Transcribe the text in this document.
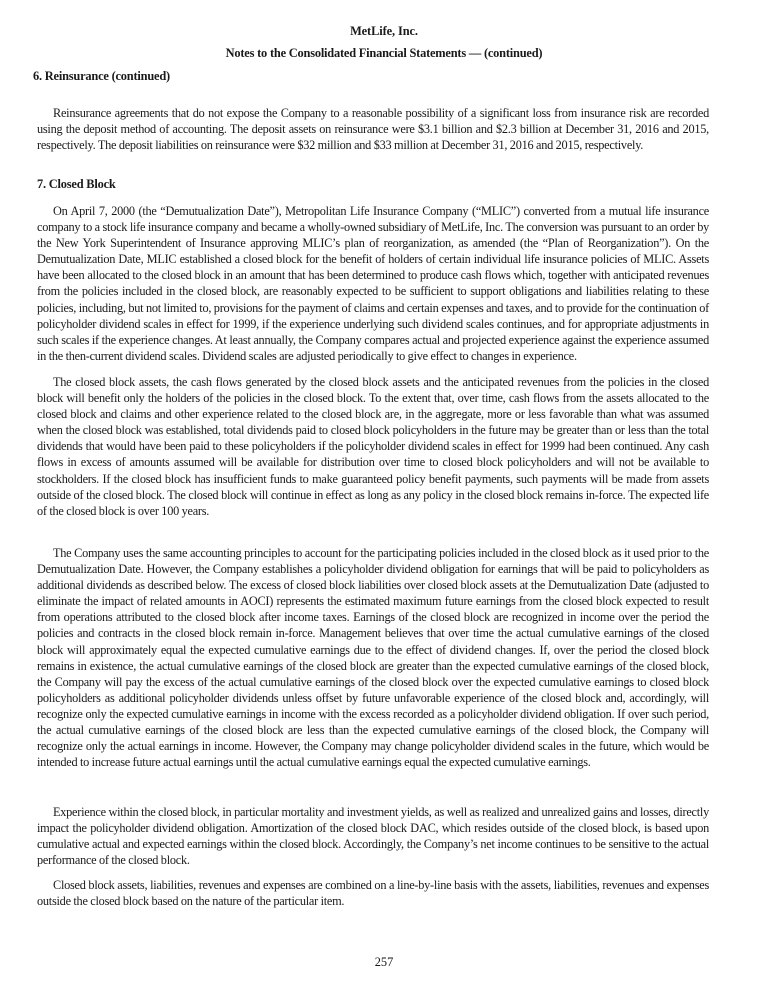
MetLife, Inc.
Notes to the Consolidated Financial Statements — (continued)
6. Reinsurance (continued)

Reinsurance agreements that do not expose the Company to a reasonable possibility of a significant loss from insurance risk are recorded using the deposit method of accounting. The deposit assets on reinsurance were $3.1 billion and $2.3 billion at December 31, 2016 and 2015, respectively. The deposit liabilities on reinsurance were $32 million and $33 million at December 31, 2016 and 2015, respectively.

7. Closed Block

On April 7, 2000 (the “Demutualization Date”), Metropolitan Life Insurance Company (“MLIC”) converted from a mutual life insurance company to a stock life insurance company and became a wholly-owned subsidiary of MetLife, Inc. The conversion was pursuant to an order by the New York Superintendent of Insurance approving MLIC’s plan of reorganization, as amended (the “Plan of Reorganization”). On the Demutualization Date, MLIC established a closed block for the benefit of holders of certain individual life insurance policies of MLIC. Assets have been allocated to the closed block in an amount that has been determined to produce cash flows which, together with anticipated revenues from the policies included in the closed block, are reasonably expected to be sufficient to support obligations and liabilities relating to these policies, including, but not limited to, provisions for the payment of claims and certain expenses and taxes, and to provide for the continuation of policyholder dividend scales in effect for 1999, if the experience underlying such dividend scales continues, and for appropriate adjustments in such scales if the experience changes. At least annually, the Company compares actual and projected experience against the experience assumed in the then-current dividend scales. Dividend scales are adjusted periodically to give effect to changes in experience.

The closed block assets, the cash flows generated by the closed block assets and the anticipated revenues from the policies in the closed block will benefit only the holders of the policies in the closed block. To the extent that, over time, cash flows from the assets allocated to the closed block and claims and other experience related to the closed block are, in the aggregate, more or less favorable than what was assumed when the closed block was established, total dividends paid to closed block policyholders in the future may be greater than or less than the total dividends that would have been paid to these policyholders if the policyholder dividend scales in effect for 1999 had been continued. Any cash flows in excess of amounts assumed will be available for distribution over time to closed block policyholders and will not be available to stockholders. If the closed block has insufficient funds to make guaranteed policy benefit payments, such payments will be made from assets outside of the closed block. The closed block will continue in effect as long as any policy in the closed block remains in-force. The expected life of the closed block is over 100 years.

The Company uses the same accounting principles to account for the participating policies included in the closed block as it used prior to the Demutualization Date. However, the Company establishes a policyholder dividend obligation for earnings that will be paid to policyholders as additional dividends as described below. The excess of closed block liabilities over closed block assets at the Demutualization Date (adjusted to eliminate the impact of related amounts in AOCI) represents the estimated maximum future earnings from the closed block expected to result from operations attributed to the closed block after income taxes. Earnings of the closed block are recognized in income over the period the policies and contracts in the closed block remain in-force. Management believes that over time the actual cumulative earnings of the closed block will approximately equal the expected cumulative earnings due to the effect of dividend changes. If, over the period the closed block remains in existence, the actual cumulative earnings of the closed block are greater than the expected cumulative earnings of the closed block, the Company will pay the excess of the actual cumulative earnings of the closed block over the expected cumulative earnings to closed block policyholders as additional policyholder dividends unless offset by future unfavorable experience of the closed block and, accordingly, will recognize only the expected cumulative earnings in income with the excess recorded as a policyholder dividend obligation. If over such period, the actual cumulative earnings of the closed block are less than the expected cumulative earnings of the closed block, the Company will recognize only the actual earnings in income. However, the Company may change policyholder dividend scales in the future, which would be intended to increase future actual earnings until the actual cumulative earnings equal the expected cumulative earnings.

Experience within the closed block, in particular mortality and investment yields, as well as realized and unrealized gains and losses, directly impact the policyholder dividend obligation. Amortization of the closed block DAC, which resides outside of the closed block, is based upon cumulative actual and expected earnings within the closed block. Accordingly, the Company’s net income continues to be sensitive to the actual performance of the closed block.

Closed block assets, liabilities, revenues and expenses are combined on a line-by-line basis with the assets, liabilities, revenues and expenses outside the closed block based on the nature of the particular item.

257
